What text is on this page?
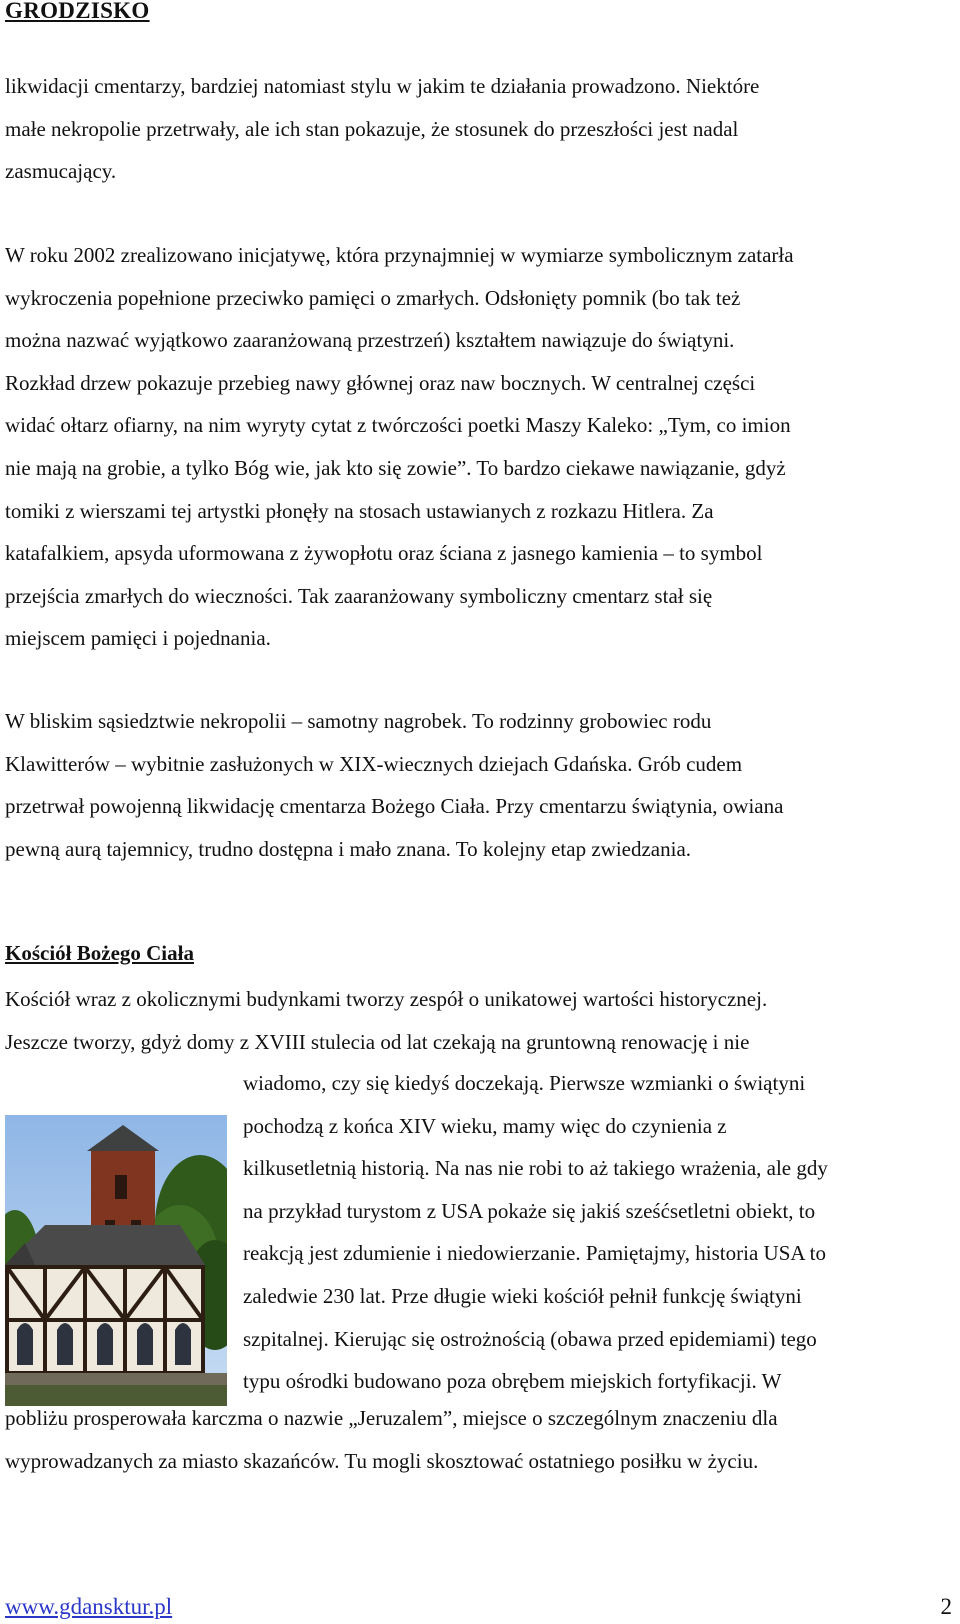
GRODZISKO
likwidacji cmentarzy, bardziej natomiast stylu w jakim te działania prowadzono. Niektóre
małe nekropolie przetrwały, ale ich stan pokazuje, że stosunek do przeszłości jest nadal
zasmucający.
W roku 2002 zrealizowano inicjatywę, która przynajmniej w wymiarze symbolicznym zatarła
wykroczenia popełnione przeciwko pamięci o zmarłych. Odsłonięty pomnik (bo tak też
można nazwać wyjątkowo zaaranżowaną przestrzeń) kształtem nawiązuje do świątyni.
Rozkład drzew pokazuje przebieg nawy głównej oraz naw bocznych. W centralnej części
widać ołtarz ofiarny, na nim wyryty cytat z twórczości poetki Maszy Kaleko: „Tym, co imion
nie mają na grobie, a tylko Bóg wie, jak kto się zowie”. To bardzo ciekawe nawiązanie, gdyż
tomiki z wierszami tej artystki płonęły na stosach ustawianych z rozkazu Hitlera. Za
katafalkiem, apsyda uformowana z żywopłotu oraz ściana z jasnego kamienia – to symbol
przejścia zmarłych do wieczności. Tak zaaranżowany symboliczny cmentarz stał się
miejscem pamięci i pojednania.
W bliskim sąsiedztwie nekropolii – samotny nagrobek. To rodzinny grobowiec rodu
Klawitterów – wybitnie zasłużonych w XIX-wiecznych dziejach Gdańska. Grób cudem
przetrwał powojenną likwidację cmentarza Bożego Ciała. Przy cmentarzu świątynia, owiana
pewną aurą tajemnicy, trudno dostępna i mało znana. To kolejny etap zwiedzania.
Kościół Bożego Ciała
Kościół wraz z okolicznymi budynkami tworzy zespół o unikatowej wartości historycznej.
Jeszcze tworzy, gdyż domy z XVIII stulecia od lat czekają na gruntowną renowację i nie
wiadomo, czy się kiedyś doczekają. Pierwsze wzmianki o świątyni
pochodzą z końca XIV wieku, mamy więc do czynienia z
kilkusetletnią historią. Na nas nie robi to aż takiego wrażenia, ale gdy
na przykład turystom z USA pokaże się jakiś sześćsetletni obiekt, to
reakcją jest zdumienie i niedowierzanie. Pamiętajmy, historia USA to
zaledwie 230 lat. Prze długie wieki kościół pełnił funkcję świątyni
szpitalnej. Kierując się ostrożnością (obawa przed epidemiami) tego
typu ośrodki budowano poza obrębem miejskich fortyfikacji. W
pobliżu prosperowała karczma o nazwie „Jeruzalem”, miejsce o szczególnym znaczeniu dla
wyprowadzanych za miasto skazańców. Tu mogli skosztować ostatniego posiłku w życiu.
www.gdansktur.pl	2
